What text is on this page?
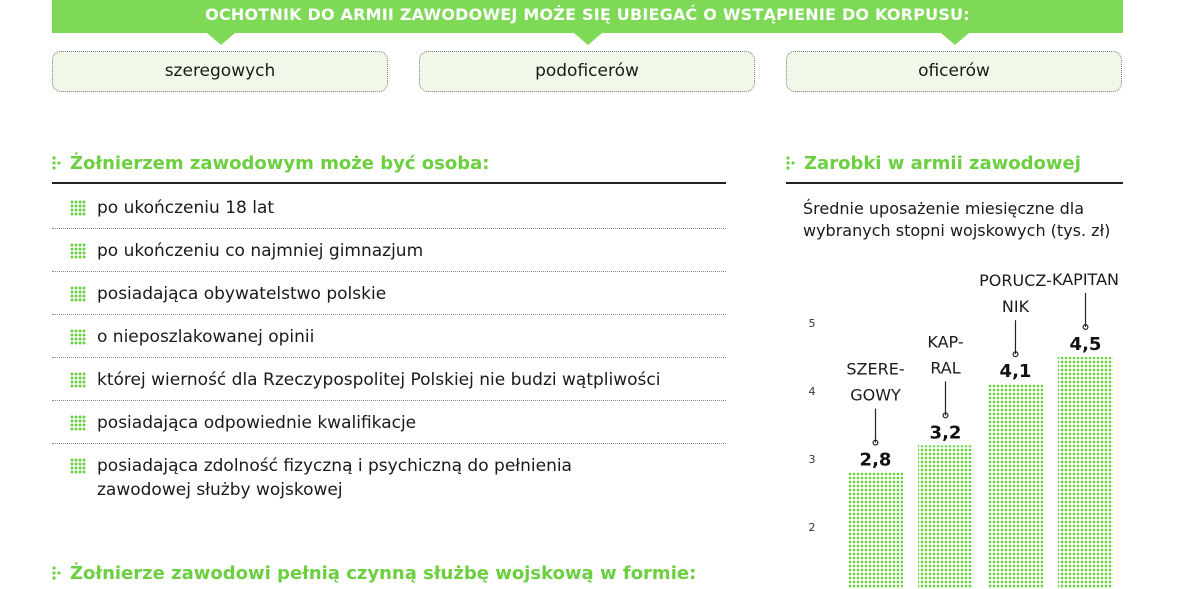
OCHOTNIK DO ARMII ZAWODOWEJ MOŻE SIĘ UBIEGAĆ O WSTĄPIENIE DO KORPUSU:
szeregowych	podoficerów	oficerów
Żołnierzem zawodowym może być osoba:
po ukończeniu 18 lat
po ukończeniu co najmniej gimnazjum
posiadająca obywatelstwo polskie
o nieposzlakowanej opinii
której wierność dla Rzeczypospolitej Polskiej nie budzi wątpliwości
posiadająca odpowiednie kwalifikacje
posiadająca zdolność fizyczną i psychiczną do pełnienia zawodowej służby wojskowej
Żołnierze zawodowi pełnią czynną służbę wojskową w formie:
Zarobki w armii zawodowej
Średnie uposażenie miesięczne dla wybranych stopni wojskowych (tys. zł)
2
3
4
5
2,8
SZERE-
GOWY
3,2
KAP-
RAL 4,1
PORUCZ-
NIK
4,5
KAPITAN
